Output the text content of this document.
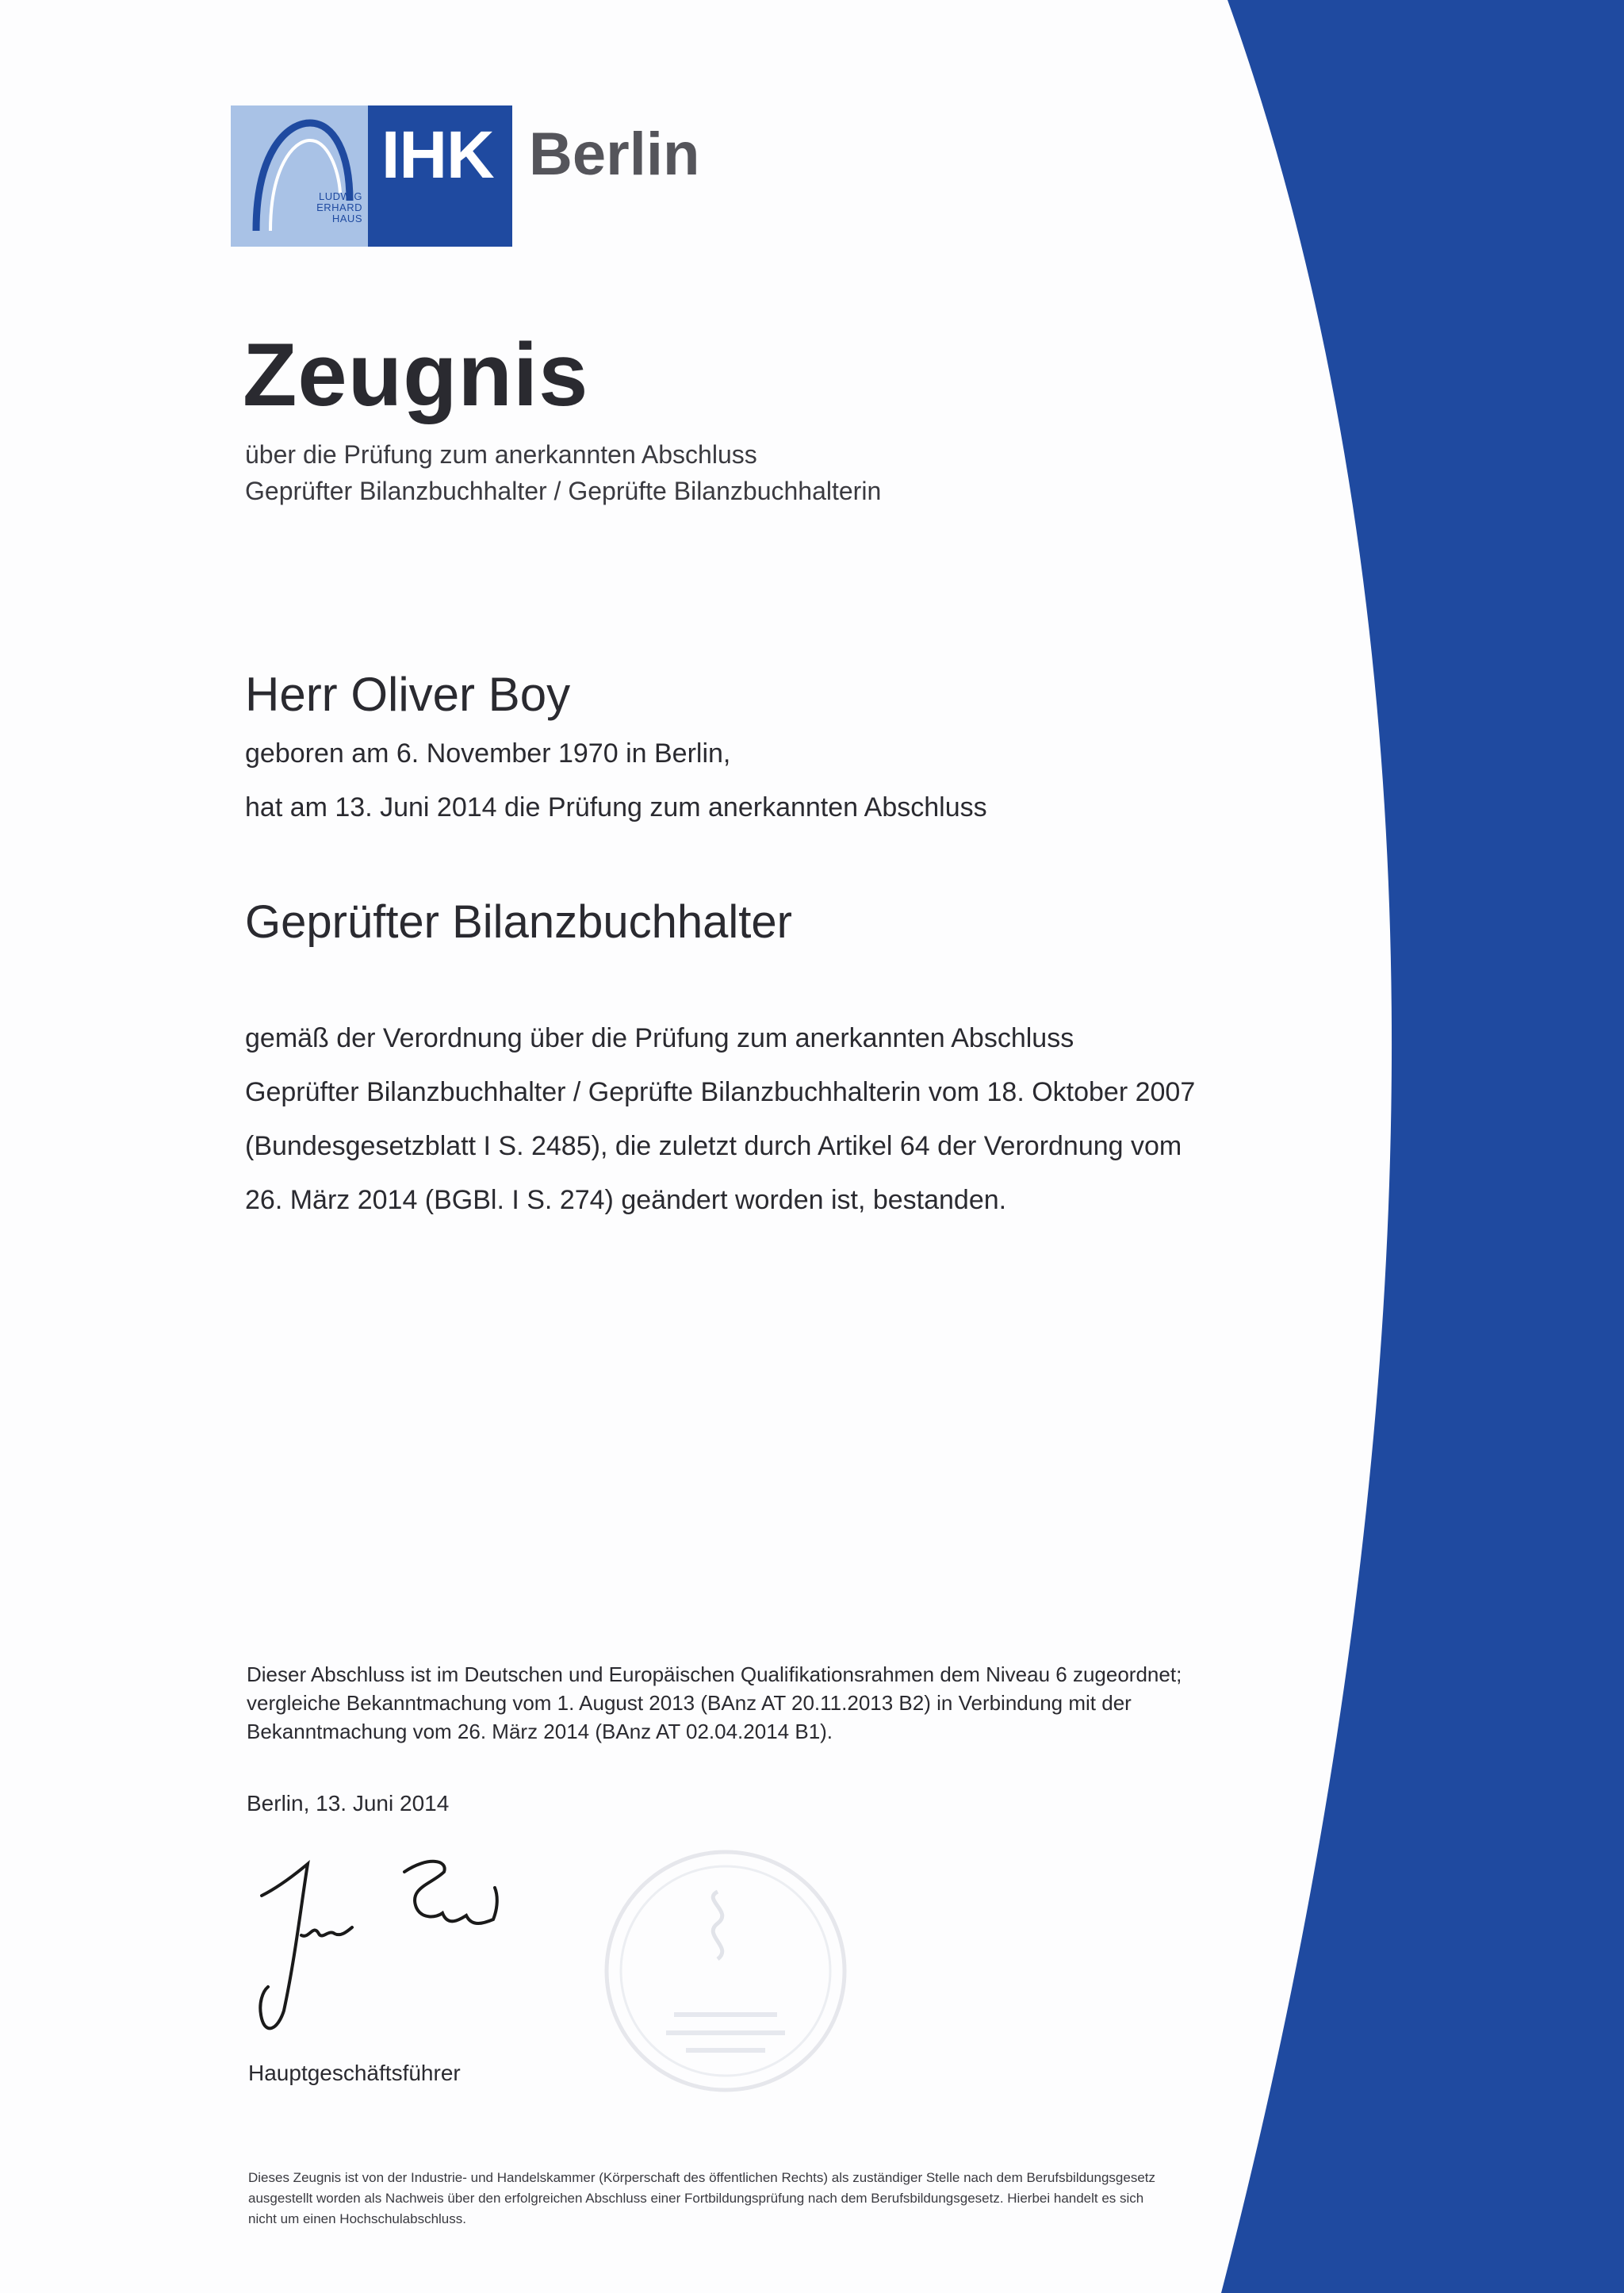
LUDWIG
ERHARD
HAUS
IHK Berlin
Zeugnis
über die Prüfung zum anerkannten Abschluss
Geprüfter Bilanzbuchhalter / Geprüfte Bilanzbuchhalterin
Herr Oliver Boy
geboren am 6. November 1970 in Berlin,
hat am 13. Juni 2014 die Prüfung zum anerkannten Abschluss
Geprüfter Bilanzbuchhalter
gemäß der Verordnung über die Prüfung zum anerkannten Abschluss
Geprüfter Bilanzbuchhalter / Geprüfte Bilanzbuchhalterin vom 18. Oktober 2007
(Bundesgesetzblatt I S. 2485), die zuletzt durch Artikel 64 der Verordnung vom
26. März 2014 (BGBl. I S. 274) geändert worden ist, bestanden.
Dieser Abschluss ist im Deutschen und Europäischen Qualifikationsrahmen dem Niveau 6 zugeordnet;
vergleiche Bekanntmachung vom 1. August 2013 (BAnz AT 20.11.2013 B2) in Verbindung mit der
Bekanntmachung vom 26. März 2014 (BAnz AT 02.04.2014 B1).
Berlin, 13. Juni 2014
Hauptgeschäftsführer
Dieses Zeugnis ist von der Industrie- und Handelskammer (Körperschaft des öffentlichen Rechts) als zuständiger Stelle nach dem Berufsbildungsgesetz
ausgestellt worden als Nachweis über den erfolgreichen Abschluss einer Fortbildungsprüfung nach dem Berufsbildungsgesetz. Hierbei handelt es sich
nicht um einen Hochschulabschluss.
